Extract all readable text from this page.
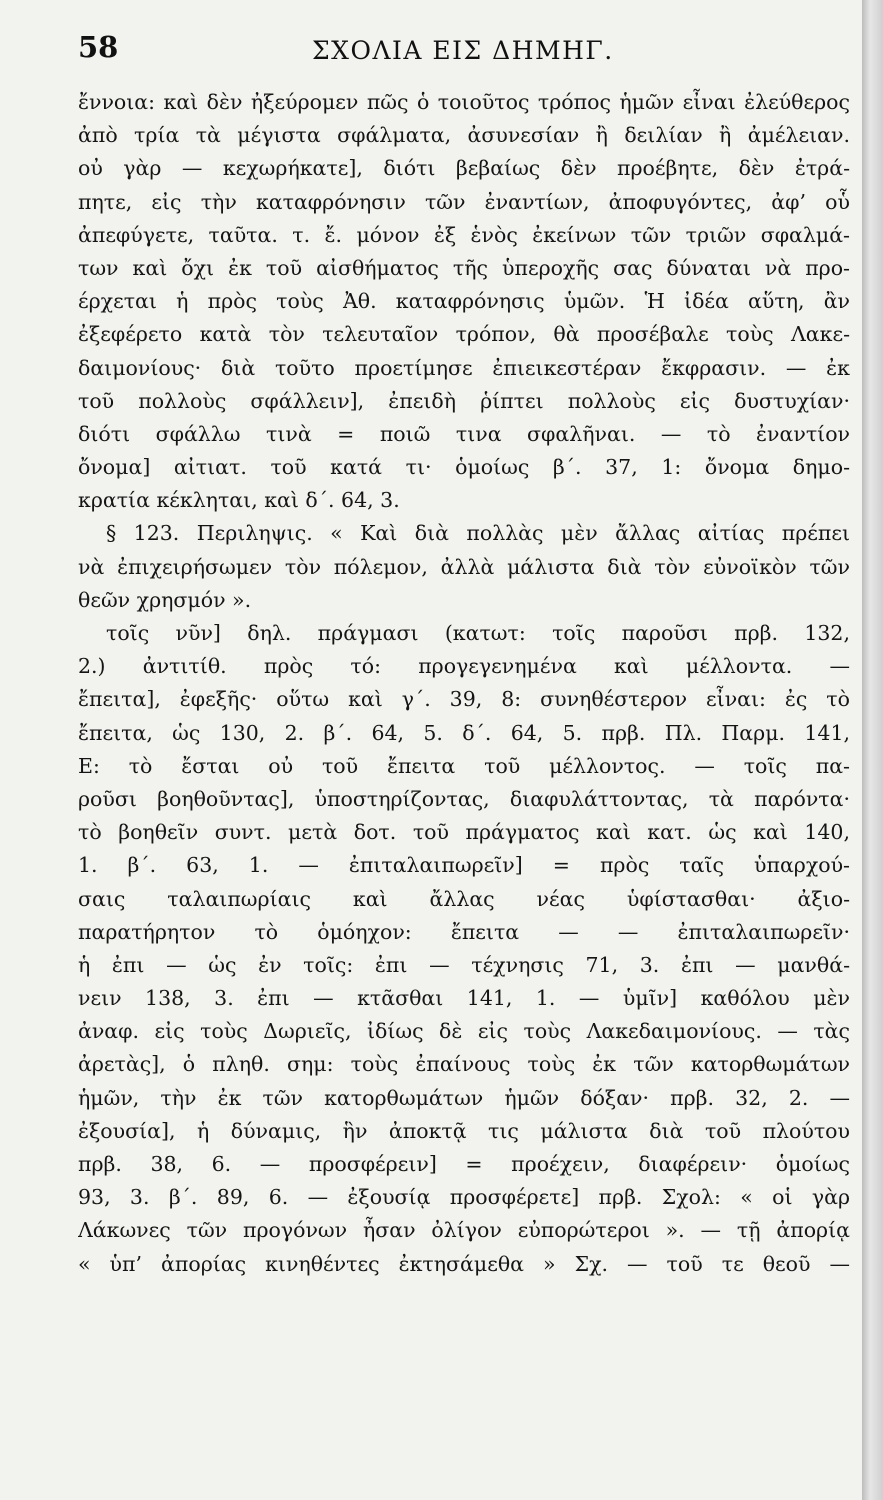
58	ΣΧΟΛΙΑ ΕΙΣ ΔΗΜΗΓ.
ἔννοια: καὶ δὲν ἠξεύρομεν πῶς ὁ τοιοῦτος τρόπος ἡμῶν εἶναι ἐλεύθερος
ἀπὸ τρία τὰ μέγιστα σφάλματα, ἀσυνεσίαν ἢ δειλίαν ἢ ἀμέλειαν.
οὐ γὰρ — κεχωρήκατε], διότι βεβαίως δὲν προέβητε, δὲν ἐτρά-
πητε, εἰς τὴν καταφρόνησιν τῶν ἐναντίων, ἀποφυγόντες, ἀφ’ οὗ
ἀπεφύγετε, ταῦτα. τ. ἔ. μόνον ἐξ ἑνὸς ἐκείνων τῶν τριῶν σφαλμά-
των καὶ ὄχι ἐκ τοῦ αἰσθήματος τῆς ὑπεροχῆς σας δύναται νὰ προ-
έρχεται ἡ πρὸς τοὺς Ἀθ. καταφρόνησις ὑμῶν. Ἡ ἰδέα αὕτη, ἂν
ἐξεφέρετο κατὰ τὸν τελευταῖον τρόπον, θὰ προσέβαλε τοὺς Λακε-
δαιμονίους· διὰ τοῦτο προετίμησε ἐπιεικεστέραν ἔκφρασιν. — ἐκ
τοῦ πολλοὺς σφάλλειν], ἐπειδὴ ῥίπτει πολλοὺς εἰς δυστυχίαν·
διότι σφάλλω τινὰ = ποιῶ τινα σφαλῆναι. — τὸ ἐναντίον
ὄνομα] αἰτιατ. τοῦ κατά τι· ὁμοίως β΄. 37, 1: ὄνομα δημο-
κρατία κέκληται, καὶ δ΄. 64, 3.
§ 123. Περιληψις. « Καὶ διὰ πολλὰς μὲν ἄλλας αἰτίας πρέπει
νὰ ἐπιχειρήσωμεν τὸν πόλεμον, ἀλλὰ μάλιστα διὰ τὸν εὐνοϊκὸν τῶν
θεῶν χρησμόν ».
τοῖς νῦν] δηλ. πράγμασι (κατωτ: τοῖς παροῦσι πρβ. 132,
2.) ἀντιτίθ. πρὸς τό: προγεγενημένα καὶ μέλλοντα. —
ἔπειτα], ἐφεξῆς· οὕτω καὶ γ΄. 39, 8: συνηθέστερον εἶναι: ἐς τὸ
ἔπειτα, ὡς 130, 2. β΄. 64, 5. δ΄. 64, 5. πρβ. Πλ. Παρμ. 141,
Ε: τὸ ἔσται οὐ τοῦ ἔπειτα τοῦ μέλλοντος. — τοῖς πα-
ροῦσι βοηθοῦντας], ὑποστηρίζοντας, διαφυλάττοντας, τὰ παρόντα·
τὸ βοηθεῖν συντ. μετὰ δοτ. τοῦ πράγματος καὶ κατ. ὡς καὶ 140,
1. β΄. 63, 1. — ἐπιταλαιπωρεῖν] = πρὸς ταῖς ὑπαρχού-
σαις ταλαιπωρίαις καὶ ἄλλας νέας ὑφίστασθαι· ἀξιο-
παρατήρητον τὸ ὁμόηχον: ἔπειτα — — ἐπιταλαιπωρεῖν·
ἡ ἐπι — ὡς ἐν τοῖς: ἐπι — τέχνησις 71, 3. ἐπι — μανθά-
νειν 138, 3. ἐπι — κτᾶσθαι 141, 1. — ὑμῖν] καθόλου μὲν
ἀναφ. εἰς τοὺς Δωριεῖς, ἰδίως δὲ εἰς τοὺς Λακεδαιμονίους. — τὰς
ἀρετὰς], ὁ πληθ. σημ: τοὺς ἐπαίνους τοὺς ἐκ τῶν κατορθωμάτων
ἡμῶν, τὴν ἐκ τῶν κατορθωμάτων ἡμῶν δόξαν· πρβ. 32, 2. —
ἐξουσία], ἡ δύναμις, ἣν ἀποκτᾷ τις μάλιστα διὰ τοῦ πλούτου
πρβ. 38, 6. — προσφέρειν] = προέχειν, διαφέρειν· ὁμοίως
93, 3. β΄. 89, 6. — ἐξουσίᾳ προσφέρετε] πρβ. Σχολ: « οἱ γὰρ
Λάκωνες τῶν προγόνων ἦσαν ὀλίγον εὐπορώτεροι ». — τῇ ἀπορίᾳ
« ὑπ’ ἀπορίας κινηθέντες ἐκτησάμεθα » Σχ. — τοῦ τε θεοῦ —
